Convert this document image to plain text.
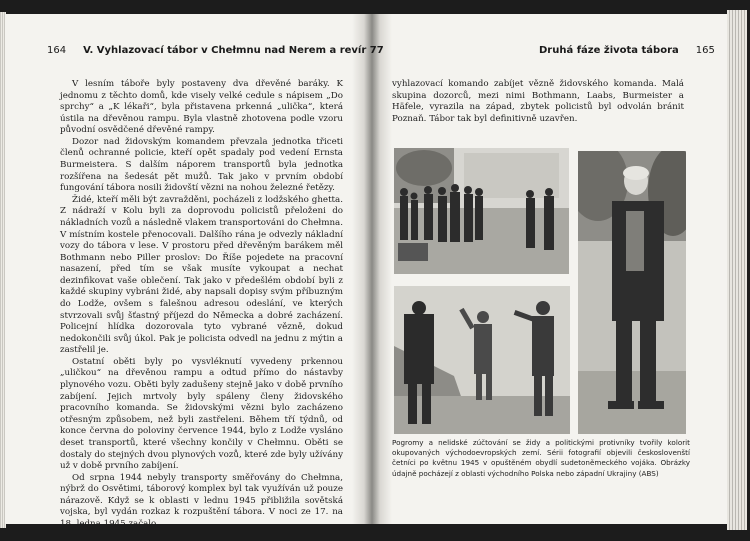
164 V. Vyhlazovací tábor v Chełmnu nad Nerem a revír 77

V lesním táboře byly postaveny dva dřevěné baráky. K jednomu z těchto domů, kde visely velké cedule s nápisem „Do sprchy“ a „K lékaři“, byla přistavena prkenná „ulička“, která ústila na dřevěnou rampu. Byla vlastně zhotovena podle vzoru původní osvědčené dřevěné rampy.

Dozor nad židovským komandem převzala jednotka třiceti členů ochranné policie, kteří opět spadaly pod vedení Ernsta Burmeistera. S dalším náporem transportů byla jednotka rozšířena na šedesát pět mužů. Tak jako v prvním období fungování tábora nosili židovští vězni na nohou železné řetězy.

Židé, kteří měli být zavražděni, pocházeli z lodžského ghetta. Z nádraží v Kolu byli za doprovodu policistů přeloženi do nákladních vozů a následně vlakem transportováni do Chełmna. V místním kostele přenocovali. Dalšího rána je odvezly nákladní vozy do tábora v lese. V prostoru před dřevěným barákem měl Bothmann nebo Piller proslov: Do Říše pojedete na pracovní nasazení, před tím se však musíte vykoupat a nechat dezinfikovat vaše oblečení. Tak jako v předešlém období byli z každé skupiny vybráni židé, aby napsali dopisy svým příbuzným do Lodže, ovšem s falešnou adresou odeslání, ve kterých stvrzovali svůj šťastný příjezd do Německa a dobré zacházení. Policejní hlídka dozorovala tyto vybrané vězně, dokud nedokončili svůj úkol. Pak je policista odvedl na jednu z mýtin a zastřelil je.

Ostatní oběti byly po vysvléknutí vyvedeny prkennou „uličkou“ na dřevěnou rampu a odtud přímo do nástavby plynového vozu. Oběti byly zadušeny stejně jako v době prvního zabíjení. Jejich mrtvoly byly spáleny členy židovského pracovního komanda. Se židovskými vězni bylo zacházeno otřesným způsobem, než byli zastřeleni. Během tří týdnů, od konce června do poloviny července 1944, bylo z Lodže vysláno deset transportů, které všechny končily v Chełmnu. Oběti se dostaly do stejných dvou plynových vozů, které zde byly užívány už v době prvního zabíjení.

Od srpna 1944 nebyly transporty směřovány do Chełmna, nýbrž do Osvětimi, táborový komplex byl tak využíván už pouze nárazově. Když se k oblasti v lednu 1945 přibližila sovětská vojska, byl vydán rozkaz k rozpuštění tábora. V noci ze 17. na 18. ledna 1945 začalo

Druhá fáze života tábora 165

vyhlazovací komando zabíjet vězně židovského komanda. Malá skupina dozorců, mezi nimi Bothmann, Laabs, Burmeister a Häfele, vyrazila na západ, zbytek policistů byl odvolán bránit Poznaň. Tábor tak byl definitivně uzavřen.

Pogromy a nelidské zúčtování se židy a politickými protivníky tvořily kolorit okupovaných východoevropských zemí. Sérii fotografií objevili českoslovenští četníci po květnu 1945 v opuštěném obydlí sudetoněmeckého vojáka. Obrázky údajně pocházejí z oblasti východního Polska nebo západní Ukrajiny (ABS)
